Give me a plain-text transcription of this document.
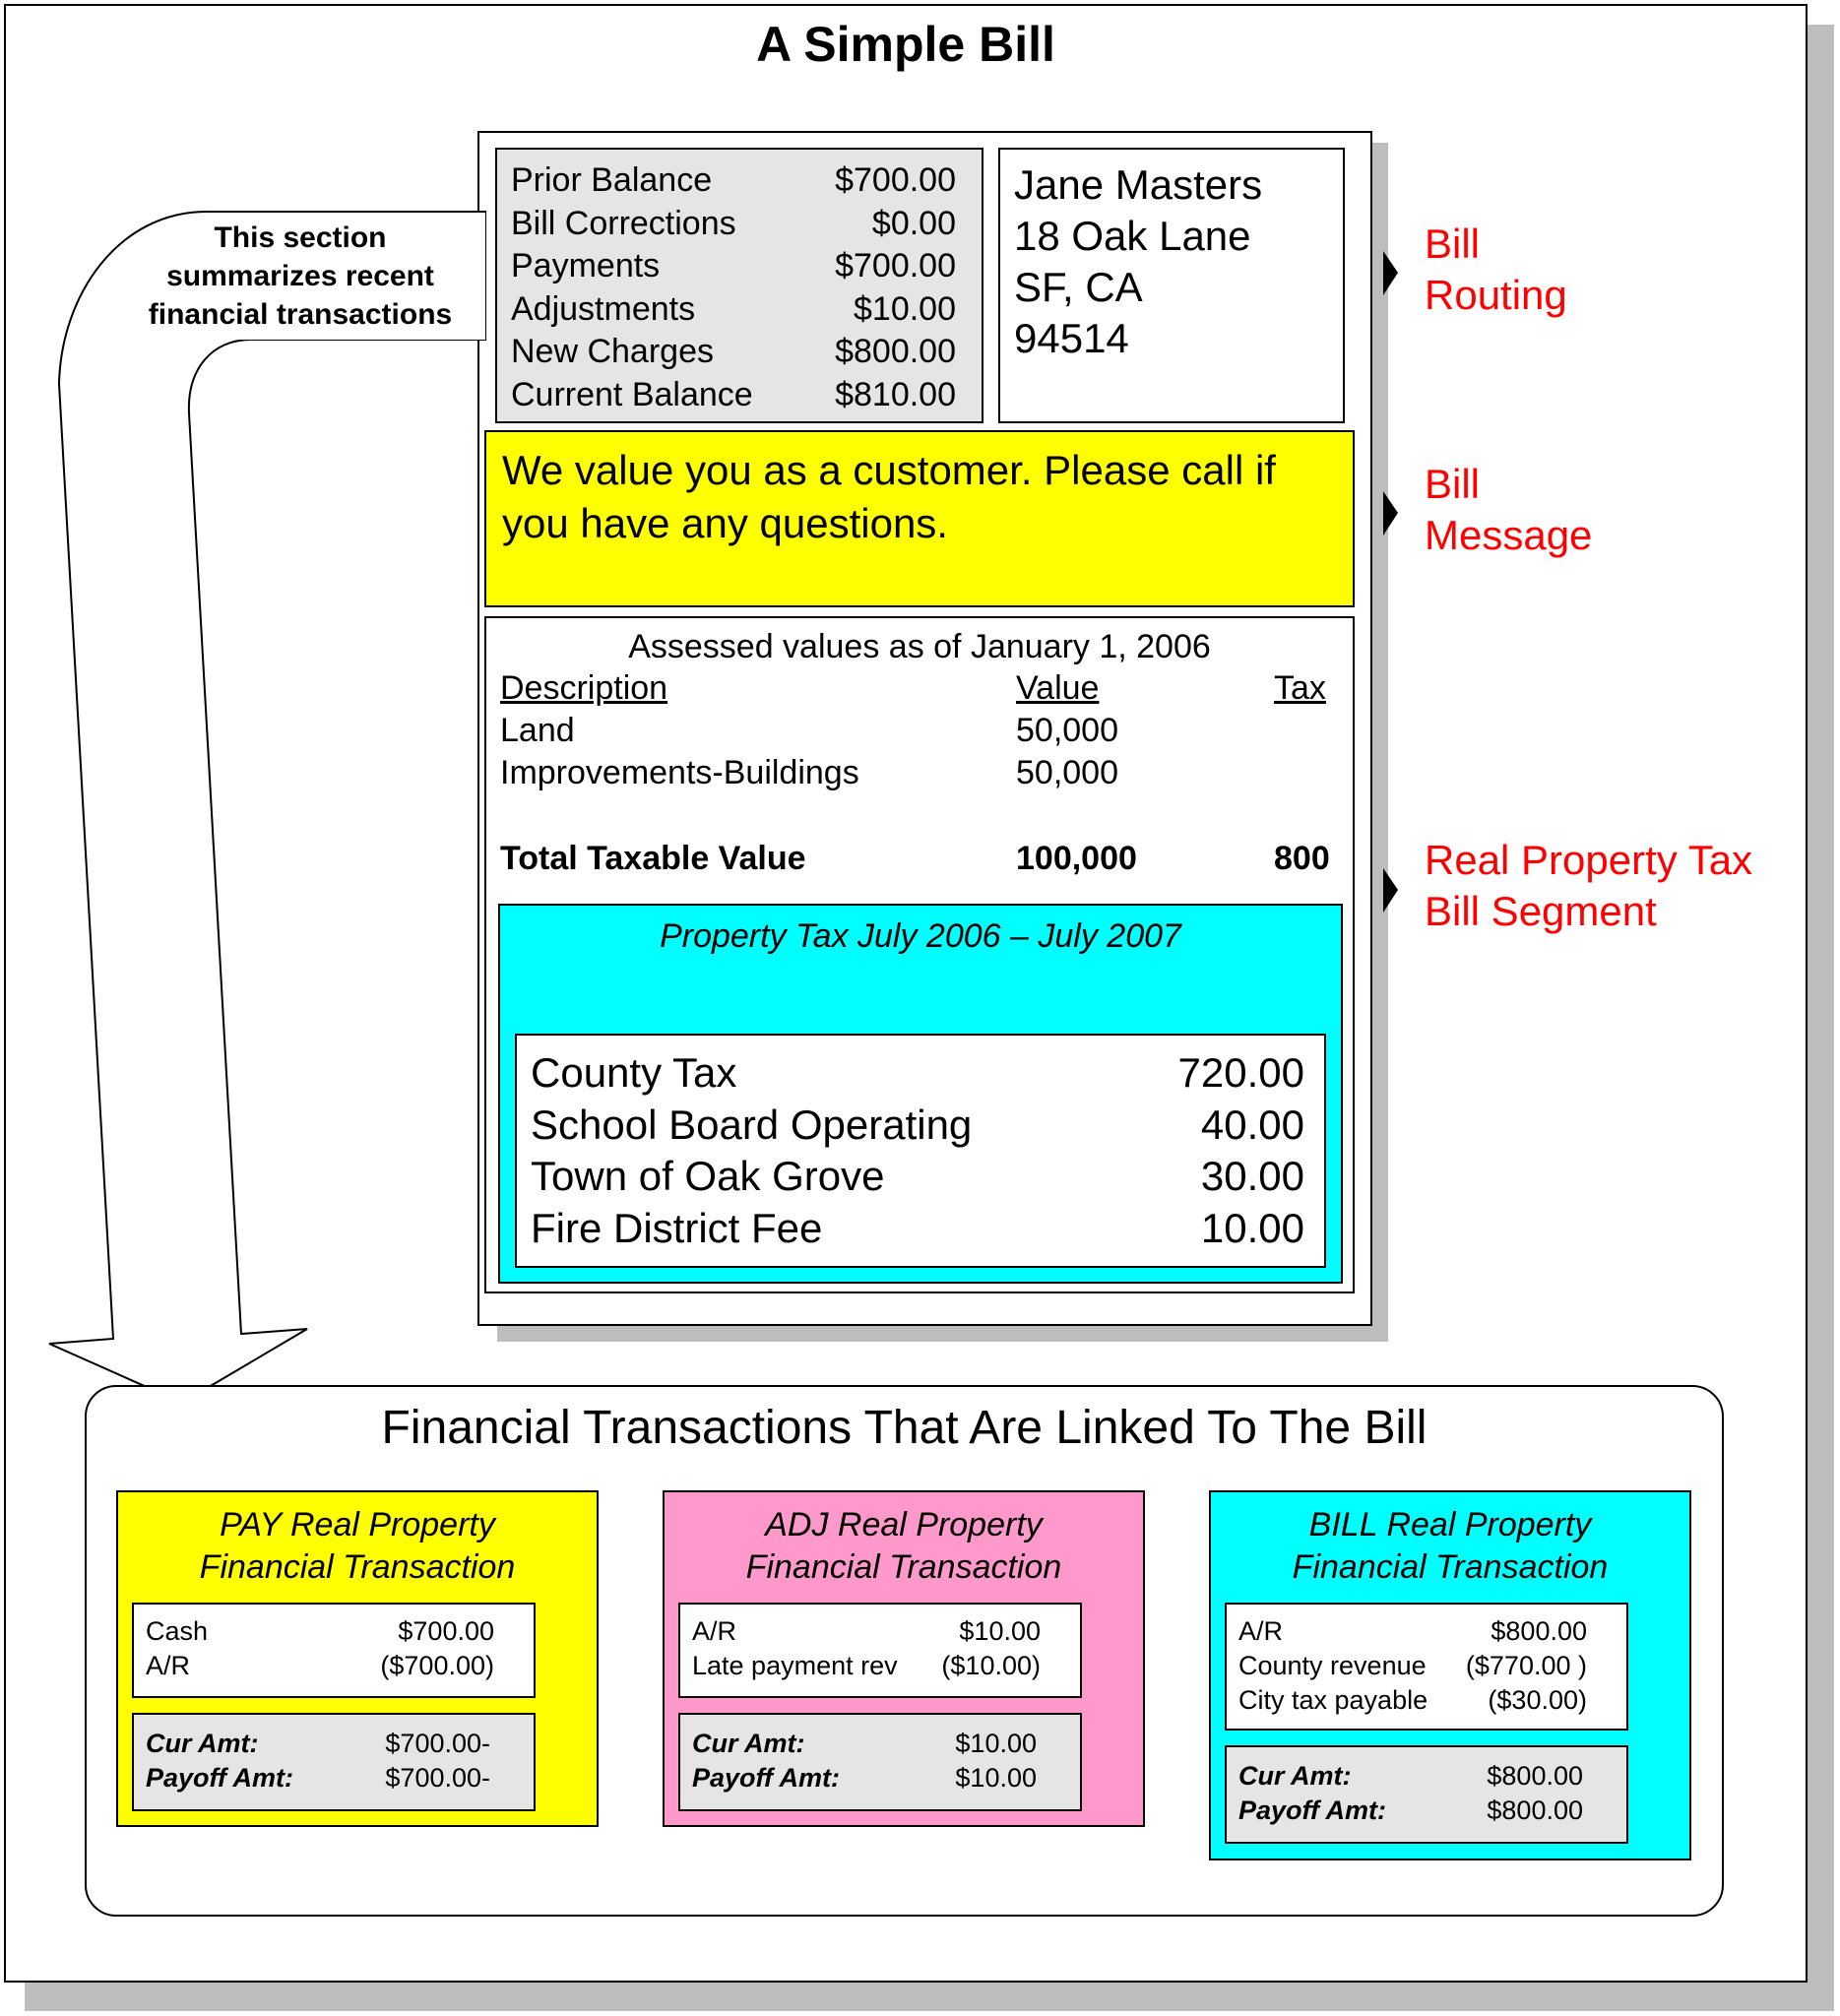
A Simple Bill
Prior Balance	$700.00
Bill Corrections	$0.00
Payments	$700.00
Adjustments	$10.00
New Charges	$800.00
Current Balance $810.00
Jane Masters
18 Oak Lane
SF, CA
94514
We value you as a customer. Please call if you have any questions.
Assessed values as of January 1, 2006
Description	Value	Tax
Land	50,000
Improvements-Buildings	50,000
Total Taxable Value	100,000	800
Property Tax July 2006 – July 2007
County Tax	720.00
School Board Operating	40.00
Town of Oak Grove	30.00
Fire District Fee	10.00
Bill
Routing
Bill
Message
Real Property Tax
Bill Segment
This section
summarizes recent
financial transactions
Financial Transactions That Are Linked To The Bill
PAY Real Property
Financial Transaction
Cash	$700.00
A/R	($700.00)
Cur Amt:	$700.00-
Payoff Amt:	$700.00-
ADJ Real Property
Financial Transaction
A/R	$10.00
Late payment rev ($10.00)
Cur Amt:	$10.00
Payoff Amt:	$10.00
BILL Real Property
Financial Transaction
A/R	$800.00
County revenue ($770.00 )
City tax payable ($30.00)
Cur Amt:	$800.00
Payoff Amt:	$800.00
